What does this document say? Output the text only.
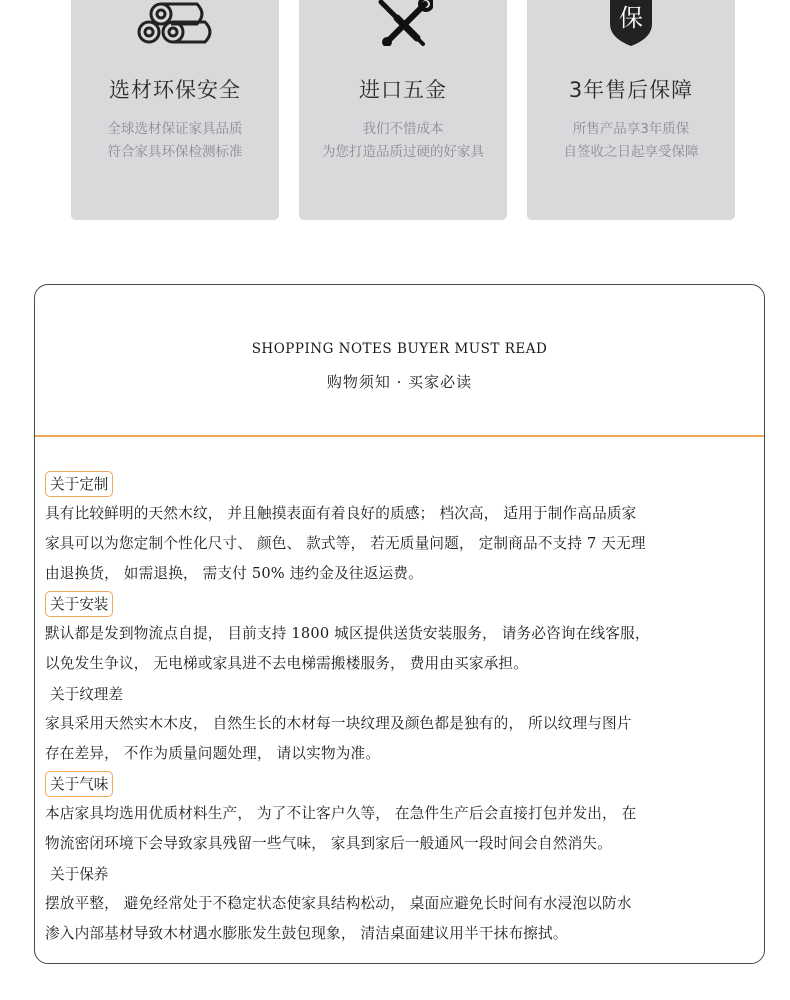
选材环保安全
全球选材保证家具品质
符合家具环保检测标准
进口五金
我们不惜成本
为您打造品质过硬的好家具
保
3年售后保障
所售产品享3年质保
自签收之日起享受保障
SHOPPING NOTES BUYER MUST READ
购物须知 · 买家必读
关于定制

具有比较鲜明的天然木纹， 并且触摸表面有着良好的质感； 档次高， 适用于制作高品质家

家具可以为您定制个性化尺寸、 颜色、 款式等， 若无质量问题， 定制商品不支持 7 天无理

由退换货， 如需退换， 需支付 50% 违约金及往返运费。

关于安装

默认都是发到物流点自提， 目前支持 1800 城区提供送货安装服务， 请务必咨询在线客服，

以免发生争议， 无电梯或家具进不去电梯需搬楼服务， 费用由买家承担。

关于纹理差

家具采用天然实木木皮， 自然生长的木材每一块纹理及颜色都是独有的， 所以纹理与图片

存在差异， 不作为质量问题处理， 请以实物为准。

关于气味

本店家具均选用优质材料生产， 为了不让客户久等， 在急件生产后会直接打包并发出， 在

物流密闭环境下会导致家具残留一些气味， 家具到家后一般通风一段时间会自然消失。

关于保养

摆放平整， 避免经常处于不稳定状态使家具结构松动， 桌面应避免长时间有水浸泡以防水

渗入内部基材导致木材遇水膨胀发生鼓包现象， 清洁桌面建议用半干抹布擦拭。
